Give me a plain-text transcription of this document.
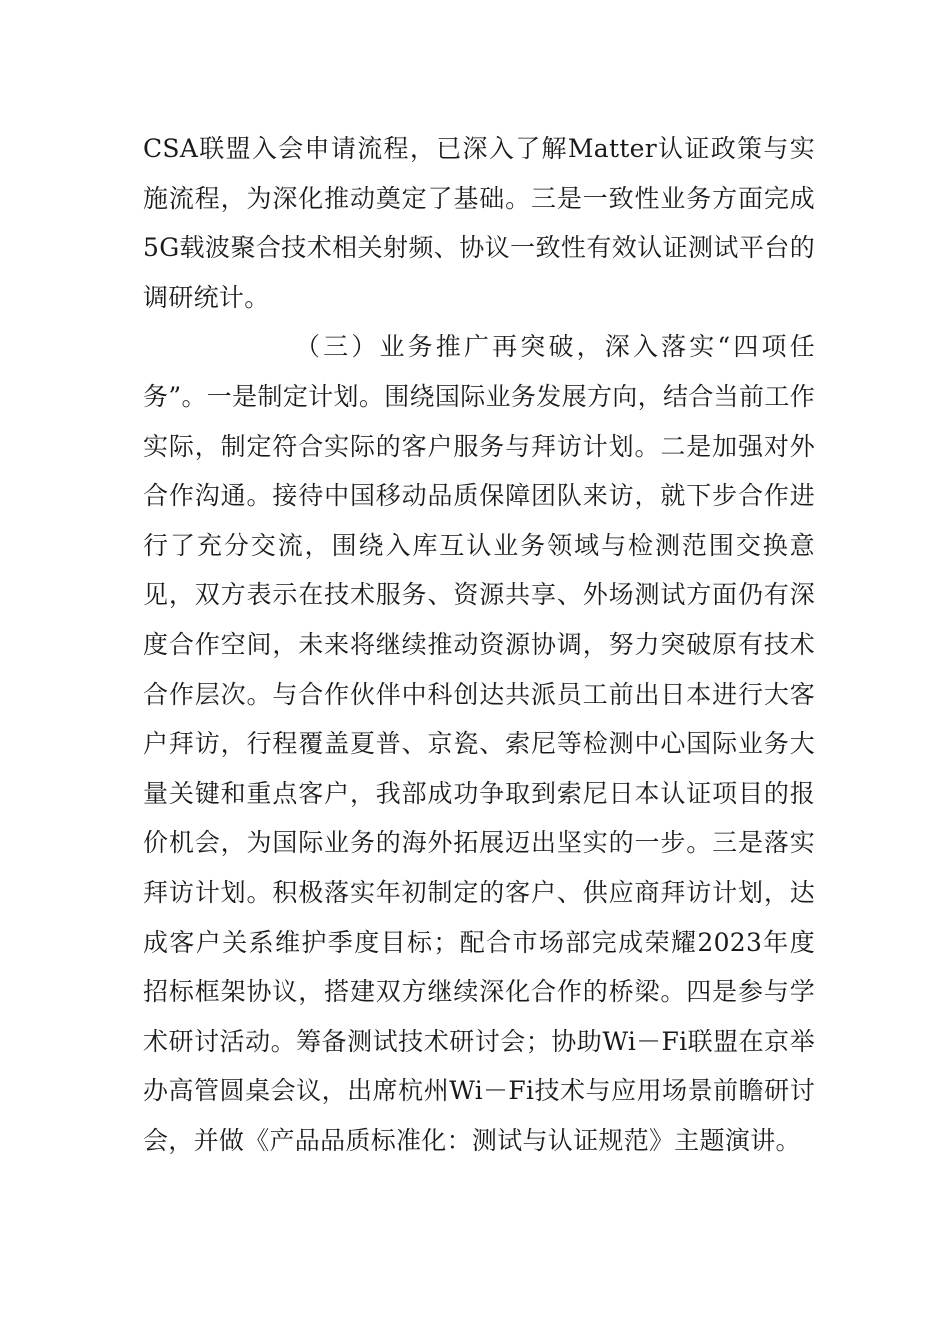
CSA联盟入会申请流程，已深入了解Matter认证政策与实施流程，为深化推动奠定了基础。三是一致性业务方面完成5G载波聚合技术相关射频、协议一致性有效认证测试平台的调研统计。

（三）业务推广再突破，深入落实“四项任务”。一是制定计划。围绕国际业务发展方向，结合当前工作实际，制定符合实际的客户服务与拜访计划。二是加强对外合作沟通。接待中国移动品质保障团队来访，就下步合作进行了充分交流，围绕入库互认业务领域与检测范围交换意见，双方表示在技术服务、资源共享、外场测试方面仍有深度合作空间，未来将继续推动资源协调，努力突破原有技术合作层次。与合作伙伴中科创达共派员工前出日本进行大客户拜访，行程覆盖夏普、京瓷、索尼等检测中心国际业务大量关键和重点客户，我部成功争取到索尼日本认证项目的报价机会，为国际业务的海外拓展迈出坚实的一步。三是落实拜访计划。积极落实年初制定的客户、供应商拜访计划，达成客户关系维护季度目标；配合市场部完成荣耀2023年度招标框架协议，搭建双方继续深化合作的桥梁。四是参与学术研讨活动。筹备测试技术研讨会；协助Wi－Fi联盟在京举办高管圆桌会议，出席杭州Wi－Fi技术与应用场景前瞻研讨会，并做《产品品质标准化：测试与认证规范》主题演讲。
